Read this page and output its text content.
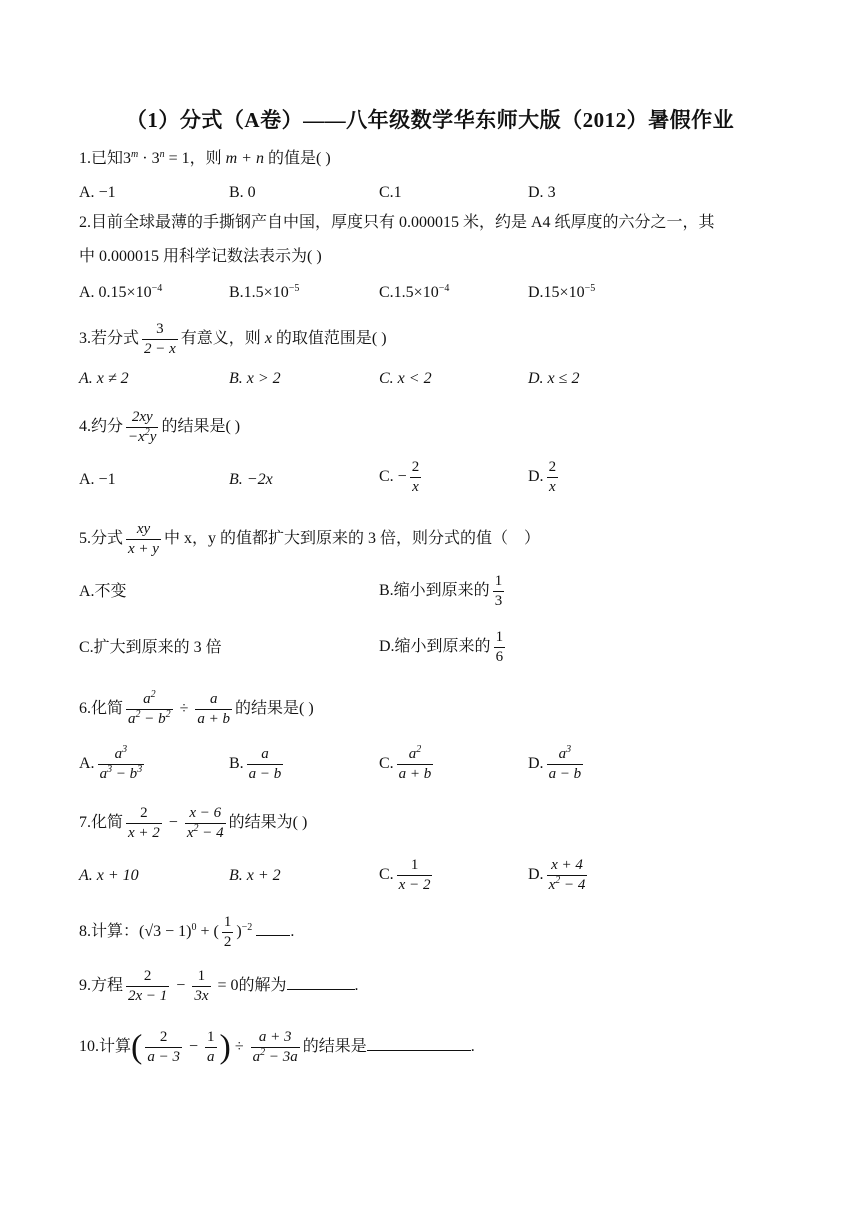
（1）分式（A卷）——八年级数学华东师大版（2012）暑假作业
1.已知$3^m \cdot 3^n = 1$，则 m + n 的值是( )
A. −1	B. 0	C.1	D. 3
2.目前全球最薄的手撕钢产自中国，厚度只有 0.000015 米，约是 A4 纸厚度的六分之一，其
中 0.000015 用科学记数法表示为( )
A. $0.15\times 10^{-4}$	$B.1.5\times 10^{-5}$	$C.1.5\times 10^{-4}$	$D.15\times 10^{-5}$
3.若分式 $\frac{3}{2 - x}$ 有意义，则 x 的取值范围是( )
A. x ≠ 2	B. x > 2	C. x < 2	D. x ≤ 2
4.约分 $\frac{2xy}{-x^2y}$ 的结果是( )
A. −1	B. −2x	C. − $\frac{2}{x}$	D. $\frac{2}{x}$
5.分式 $\frac{xy}{x + y}$ 中 x，y 的值都扩大到原来的 3 倍，则分式的值（　）
A.不变	B.缩小到原来的 $\frac{1}{3}$
C.扩大到原来的 3 倍	D.缩小到原来的 $\frac{1}{6}$
6.化简 $\frac{a^2}{a^2 - b^2} \div \frac{a}{a + b}$ 的结果是( )
A. $\frac{a^3}{a^3 - b^3}$	B. $\frac{a}{a - b}$	C. $\frac{a^2}{a + b}$	D. $\frac{a^3}{a - b}$
7.化简 $\frac{2}{x + 2} - \frac{x - 6}{x^2 - 4}$ 的结果为( )
A. x + 10	B. x + 2	C. $\frac{1}{x - 2}$	D. $\frac{x + 4}{x^2 - 4}$
8.计算：$(√3 - 1)^0$ + ( $\frac{1}{2} )^{-2}$ .
9.方程 $\frac{2}{2x - 1} - \frac{1}{3x} = 0$的解为	.
10.计算( $\frac{2}{a - 3} - \frac{1}{a}$ ) ÷ $\frac{a + 3}{a^2 - 3a}$ 的结果是	.
